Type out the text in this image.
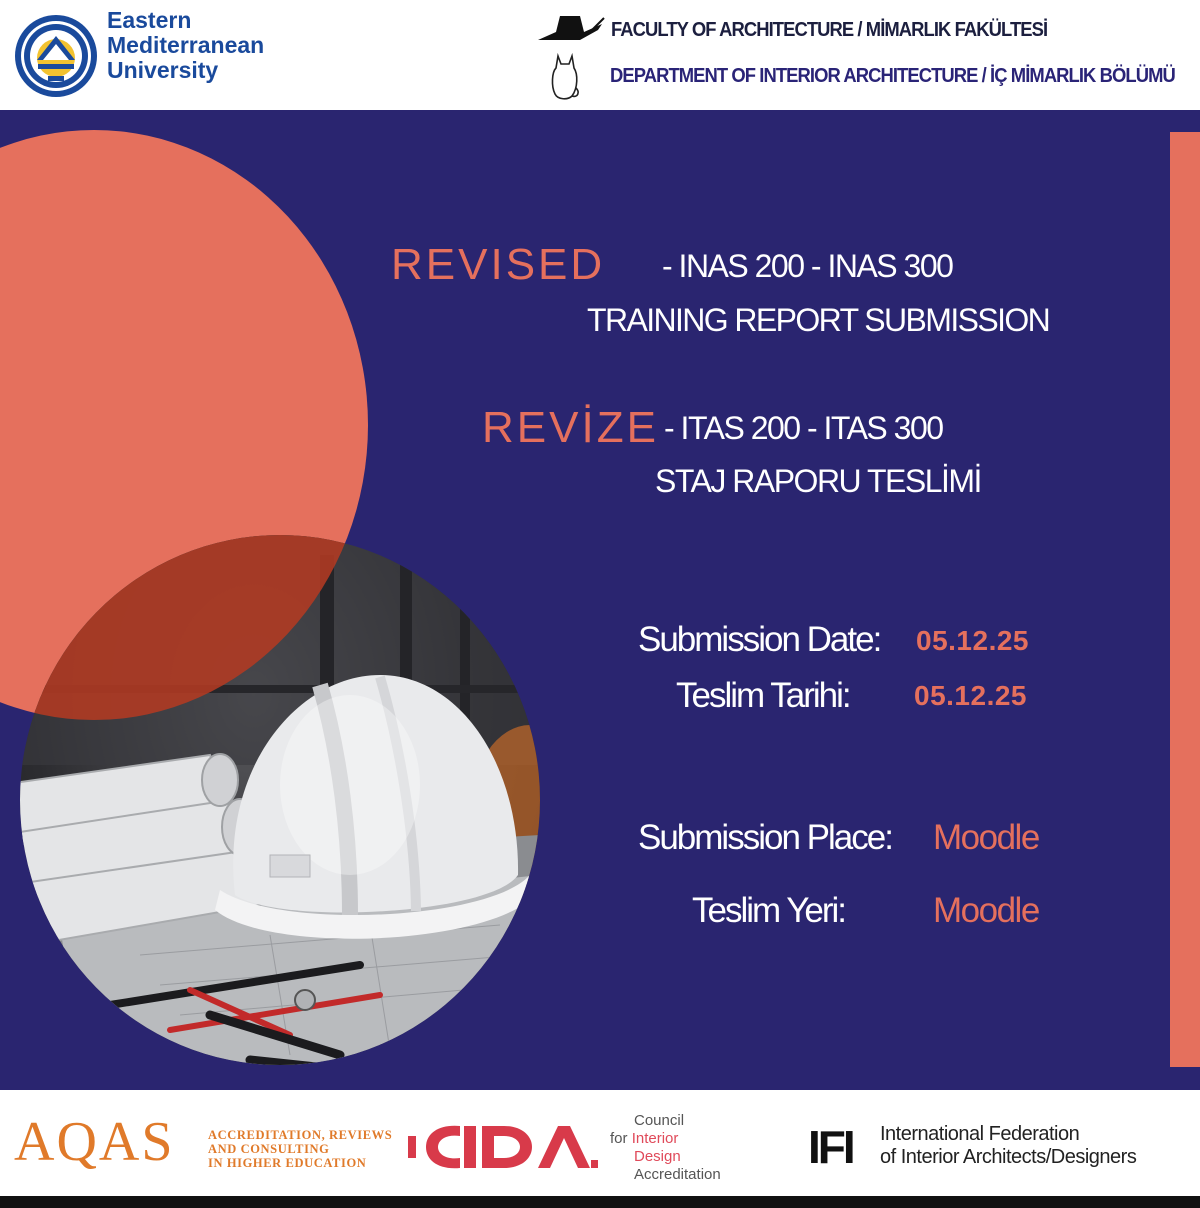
Eastern
Mediterranean
University
FACULTY OF ARCHITECTURE / MİMARLIK FAKÜLTESİ
DEPARTMENT OF INTERIOR ARCHITECTURE / İÇ MİMARLIK BÖLÜMÜ
REVISED - INAS 200 - INAS 300
TRAINING REPORT SUBMISSION
REVİZE - ITAS 200 - ITAS 300
STAJ RAPORU TESLİMİ
Submission Date: 05.12.25
Teslim Tarihi: 05.12.25
Submission Place: Moodle
Teslim Yeri:	Moodle
AQAS	ACCREDITATION, REVIEWS
AND CONSULTING
IN HIGHER EDUCATION
Council
for Interior
Design
Accreditation
IFI International Federation
of Interior Architects/Designers
